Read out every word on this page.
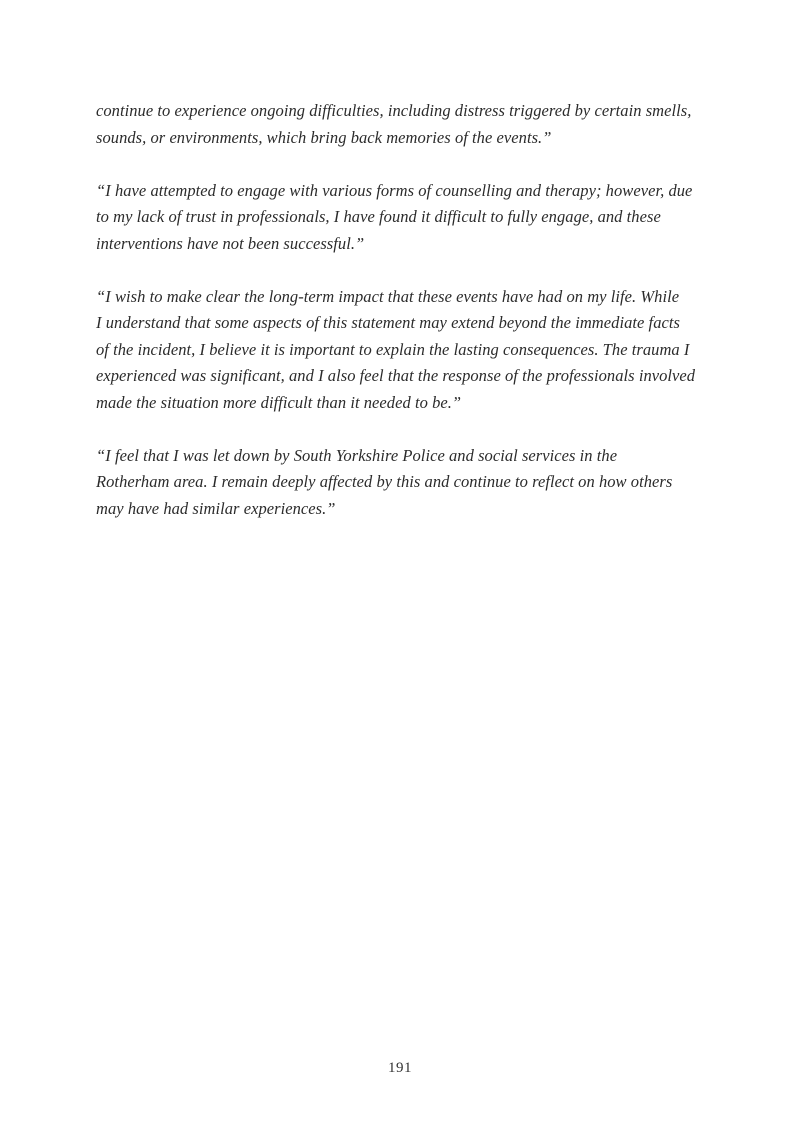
continue to experience ongoing difficulties, including distress triggered by certain smells,
sounds, or environments, which bring back memories of the events.”

“I have attempted to engage with various forms of counselling and therapy; however, due
to my lack of trust in professionals, I have found it difficult to fully engage, and these
interventions have not been successful.”

“I wish to make clear the long-term impact that these events have had on my life. While
I understand that some aspects of this statement may extend beyond the immediate facts
of the incident, I believe it is important to explain the lasting consequences. The trauma I
experienced was significant, and I also feel that the response of the professionals involved
made the situation more difficult than it needed to be.”

“I feel that I was let down by South Yorkshire Police and social services in the
Rotherham area. I remain deeply affected by this and continue to reflect on how others
may have had similar experiences.”

191
